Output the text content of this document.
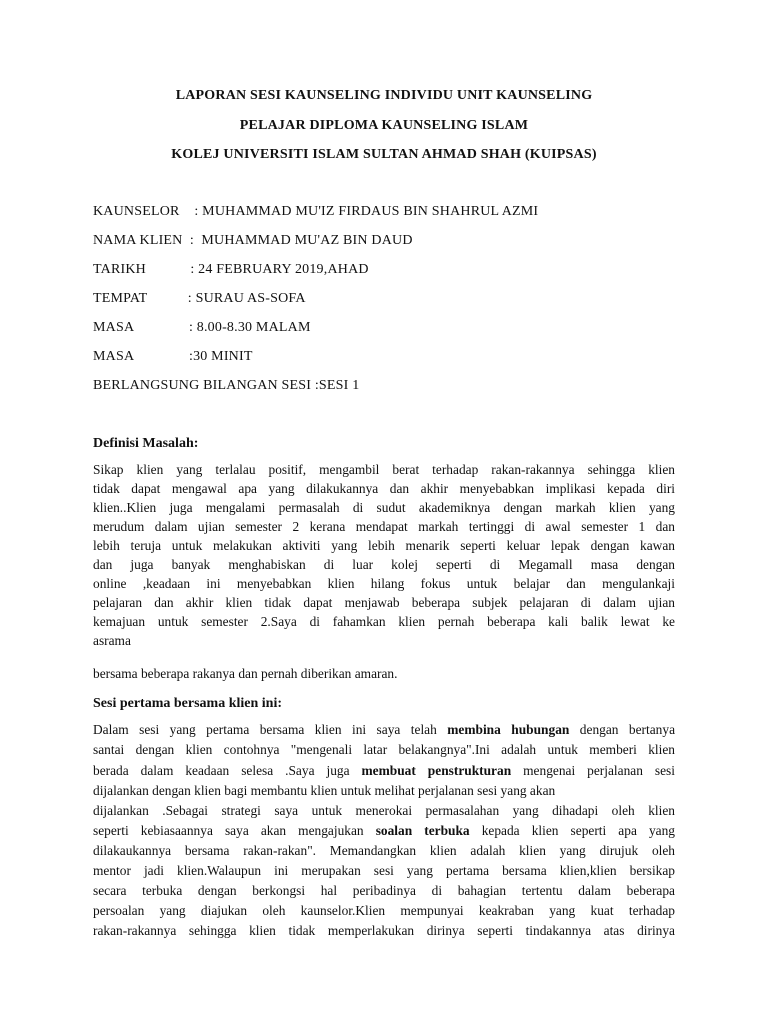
LAPORAN SESI KAUNSELING INDIVIDU UNIT KAUNSELING
PELAJAR DIPLOMA KAUNSELING ISLAM
KOLEJ UNIVERSITI ISLAM SULTAN AHMAD SHAH (KUIPSAS)
KAUNSELOR    : MUHAMMAD MU'IZ FIRDAUS BIN SHAHRUL AZMI
NAMA KLIEN  :  MUHAMMAD MU'AZ BIN DAUD
TARIKH            : 24 FEBRUARY 2019,AHAD
TEMPAT           : SURAU AS-SOFA
MASA               : 8.00-8.30 MALAM
MASA               :30 MINIT
BERLANGSUNG BILANGAN SESI :SESI 1
Definisi Masalah:

Sikap klien yang terlalau positif, mengambil berat terhadap rakan-rakannya sehingga klien

tidak dapat mengawal apa yang dilakukannya dan akhir menyebabkan implikasi kepada diri

klien..Klien juga mengalami permasalah di sudut akademiknya dengan markah klien yang

merudum dalam ujian semester 2 kerana mendapat markah tertinggi di awal semester 1 dan

lebih teruja untuk melakukan aktiviti yang lebih menarik seperti keluar lepak dengan kawan

dan juga banyak menghabiskan di luar kolej seperti di Megamall masa dengan

online ,keadaan ini menyebabkan klien hilang fokus untuk belajar dan mengulankaji

pelajaran dan akhir klien tidak dapat menjawab beberapa subjek pelajaran di dalam ujian

kemajuan untuk semester 2.Saya di fahamkan klien pernah beberapa kali balik lewat ke

asrama

bersama beberapa rakanya dan pernah diberikan amaran.

Sesi pertama bersama klien ini:

Dalam sesi yang pertama bersama klien ini saya telah membina hubungan dengan bertanya

santai dengan klien contohnya "mengenali latar belakangnya".Ini adalah untuk memberi klien

berada dalam keadaan selesa .Saya juga membuat penstrukturan mengenai perjalanan sesi

dijalankan dengan klien bagi membantu klien untuk melihat perjalanan sesi yang akan

dijalankan .Sebagai strategi saya untuk menerokai permasalahan yang dihadapi oleh klien

seperti kebiasaannya saya akan mengajukan soalan terbuka kepada klien seperti apa yang

dilakaukannya bersama rakan-rakan". Memandangkan klien adalah klien yang dirujuk oleh

mentor jadi klien.Walaupun ini merupakan sesi yang pertama bersama klien,klien bersikap

secara terbuka dengan berkongsi hal peribadinya di bahagian tertentu dalam beberapa

persoalan yang diajukan oleh kaunselor.Klien mempunyai keakraban yang kuat terhadap

rakan-rakannya sehingga klien tidak memperlakukan dirinya seperti tindakannya atas dirinya
